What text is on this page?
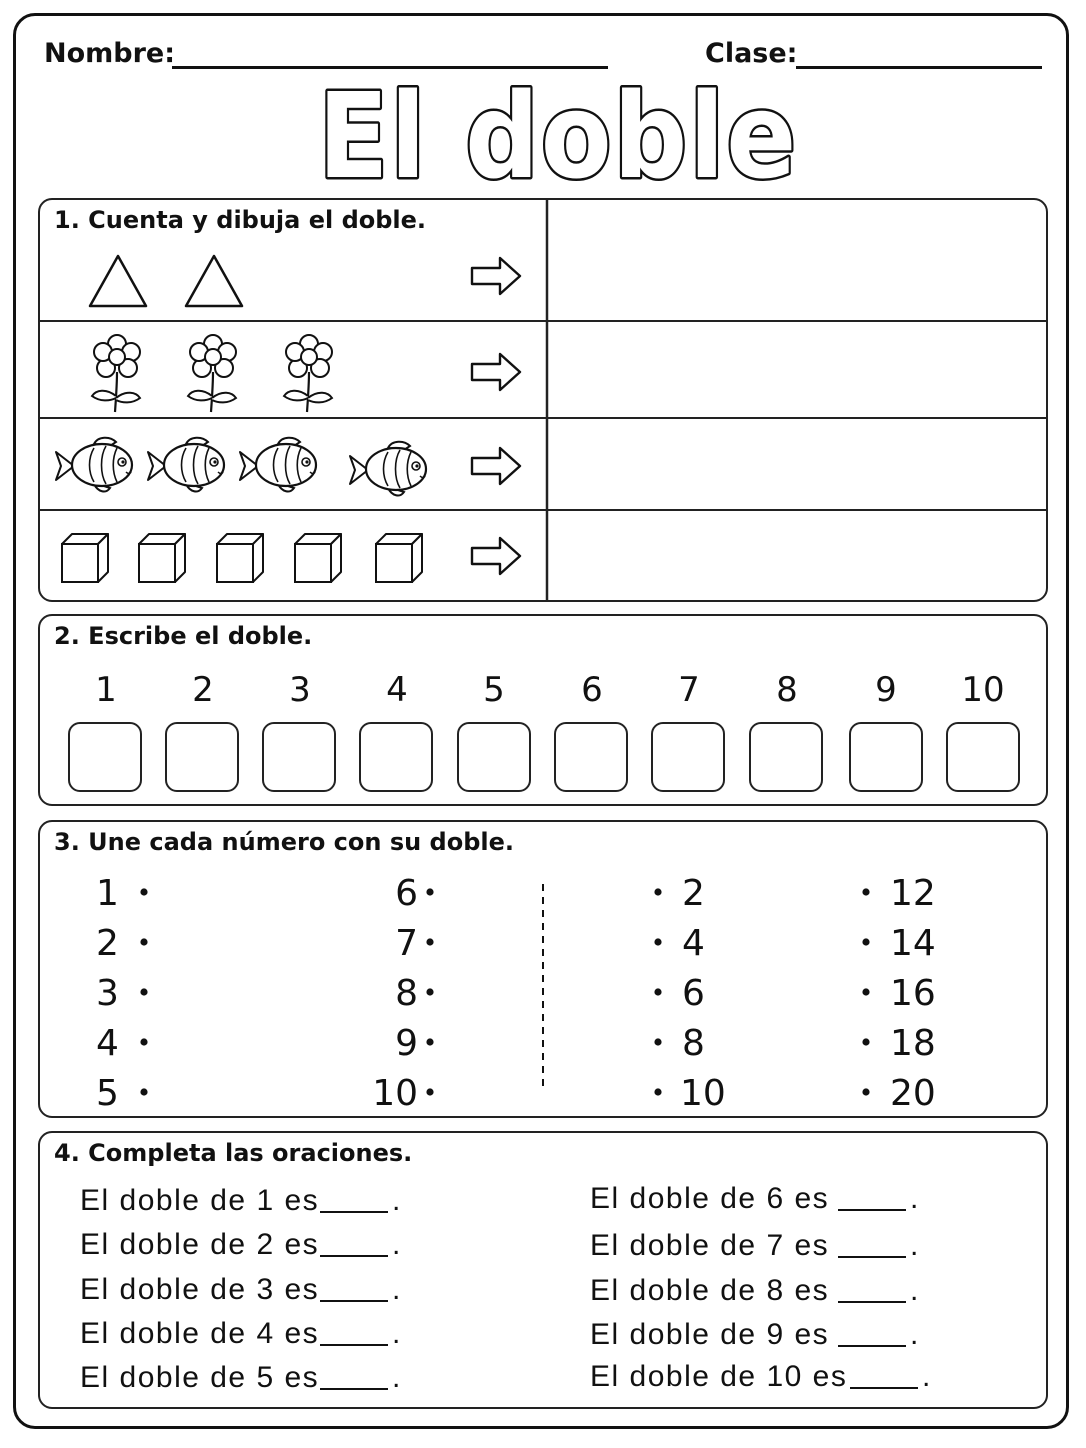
Nombre:	Clase:
El doble
1. Cuenta y dibuja el doble.
2. Escribe el doble.
1	2	3	4	5	6	7	8	9	10
3. Une cada número con su doble.
1
2
3
4
5
6
7
8
9
10
2
4
6
8
10
12
14
16
18
20
4. Completa las oraciones.
El doble de 1 es .
El doble de 2 es .
El doble de 3 es .
El doble de 4 es .
El doble de 5 es .
El doble de 6 es	.
El doble de 7 es	.
El doble de 8 es	.
El doble de 9 es	.
El doble de 10 es .
